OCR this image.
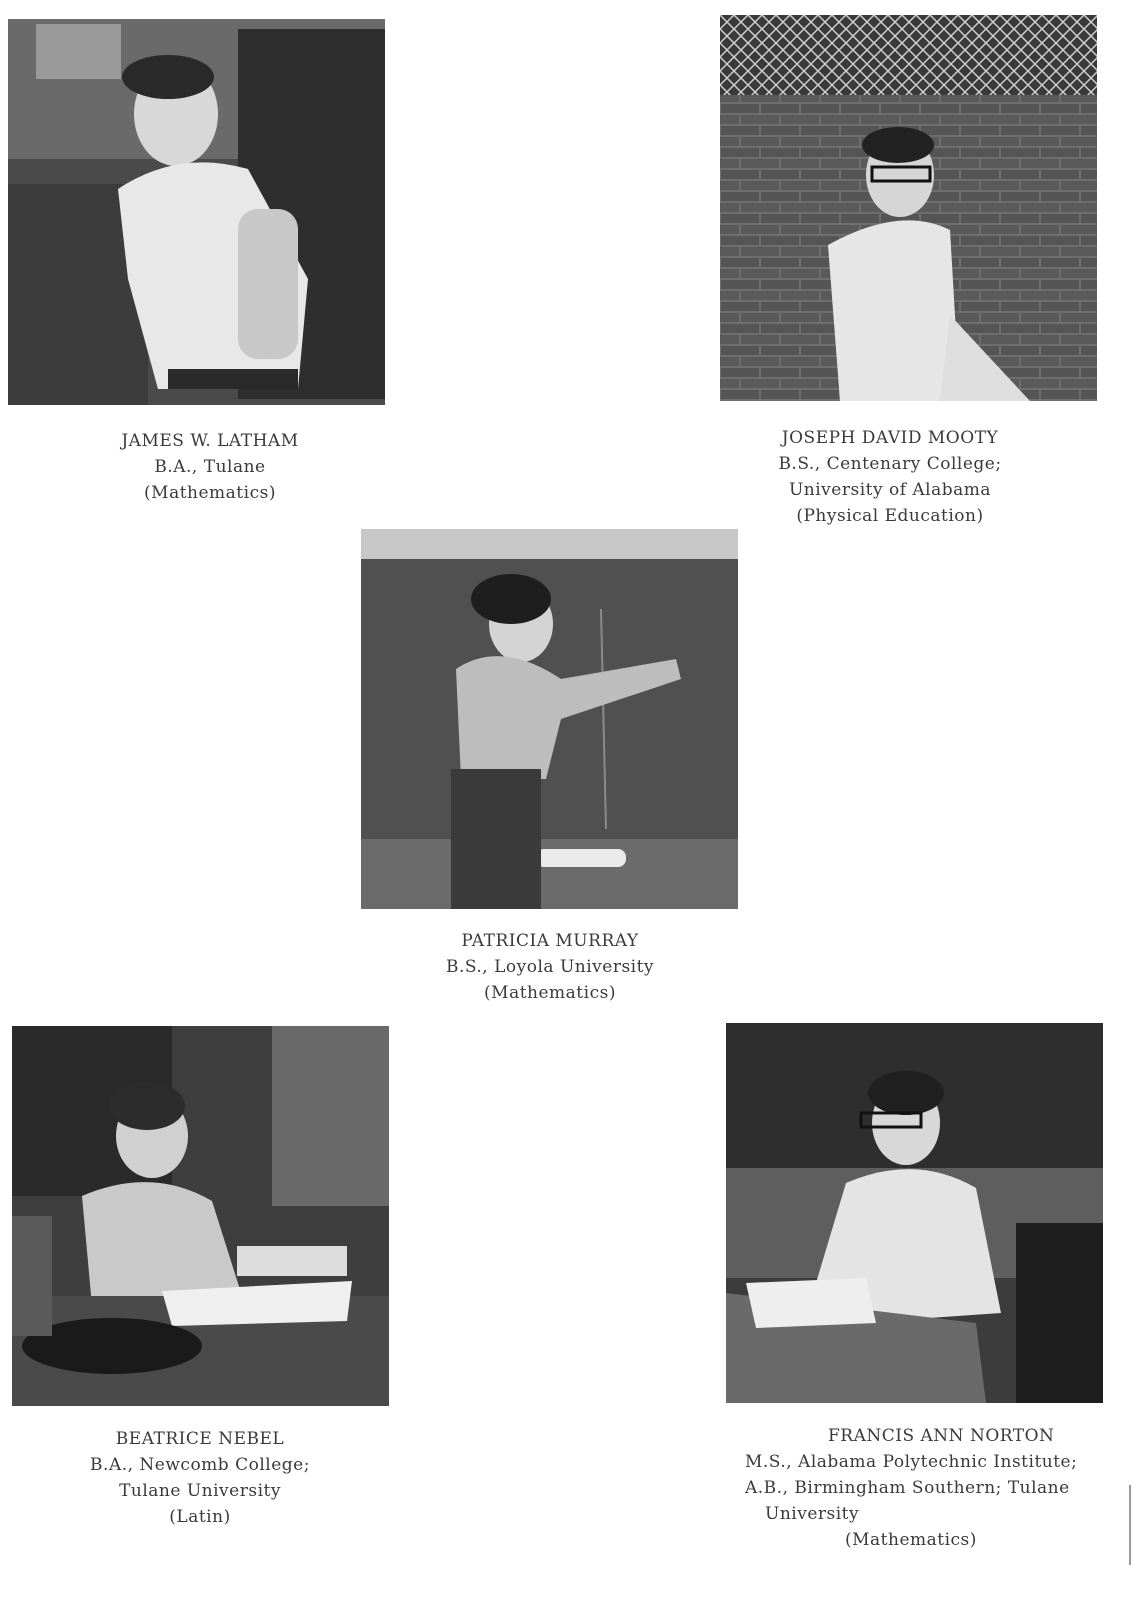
JAMES W. LATHAM
B.A., Tulane
(Mathematics)
JOSEPH DAVID MOOTY
B.S., Centenary College;
University of Alabama
(Physical Education)
PATRICIA MURRAY
B.S., Loyola University
(Mathematics)
BEATRICE NEBEL
B.A., Newcomb College;
Tulane University
(Latin)
FRANCIS ANN NORTON
M.S., Alabama Polytechnic Institute;
A.B., Birmingham Southern; Tulane
University
(Mathematics)
